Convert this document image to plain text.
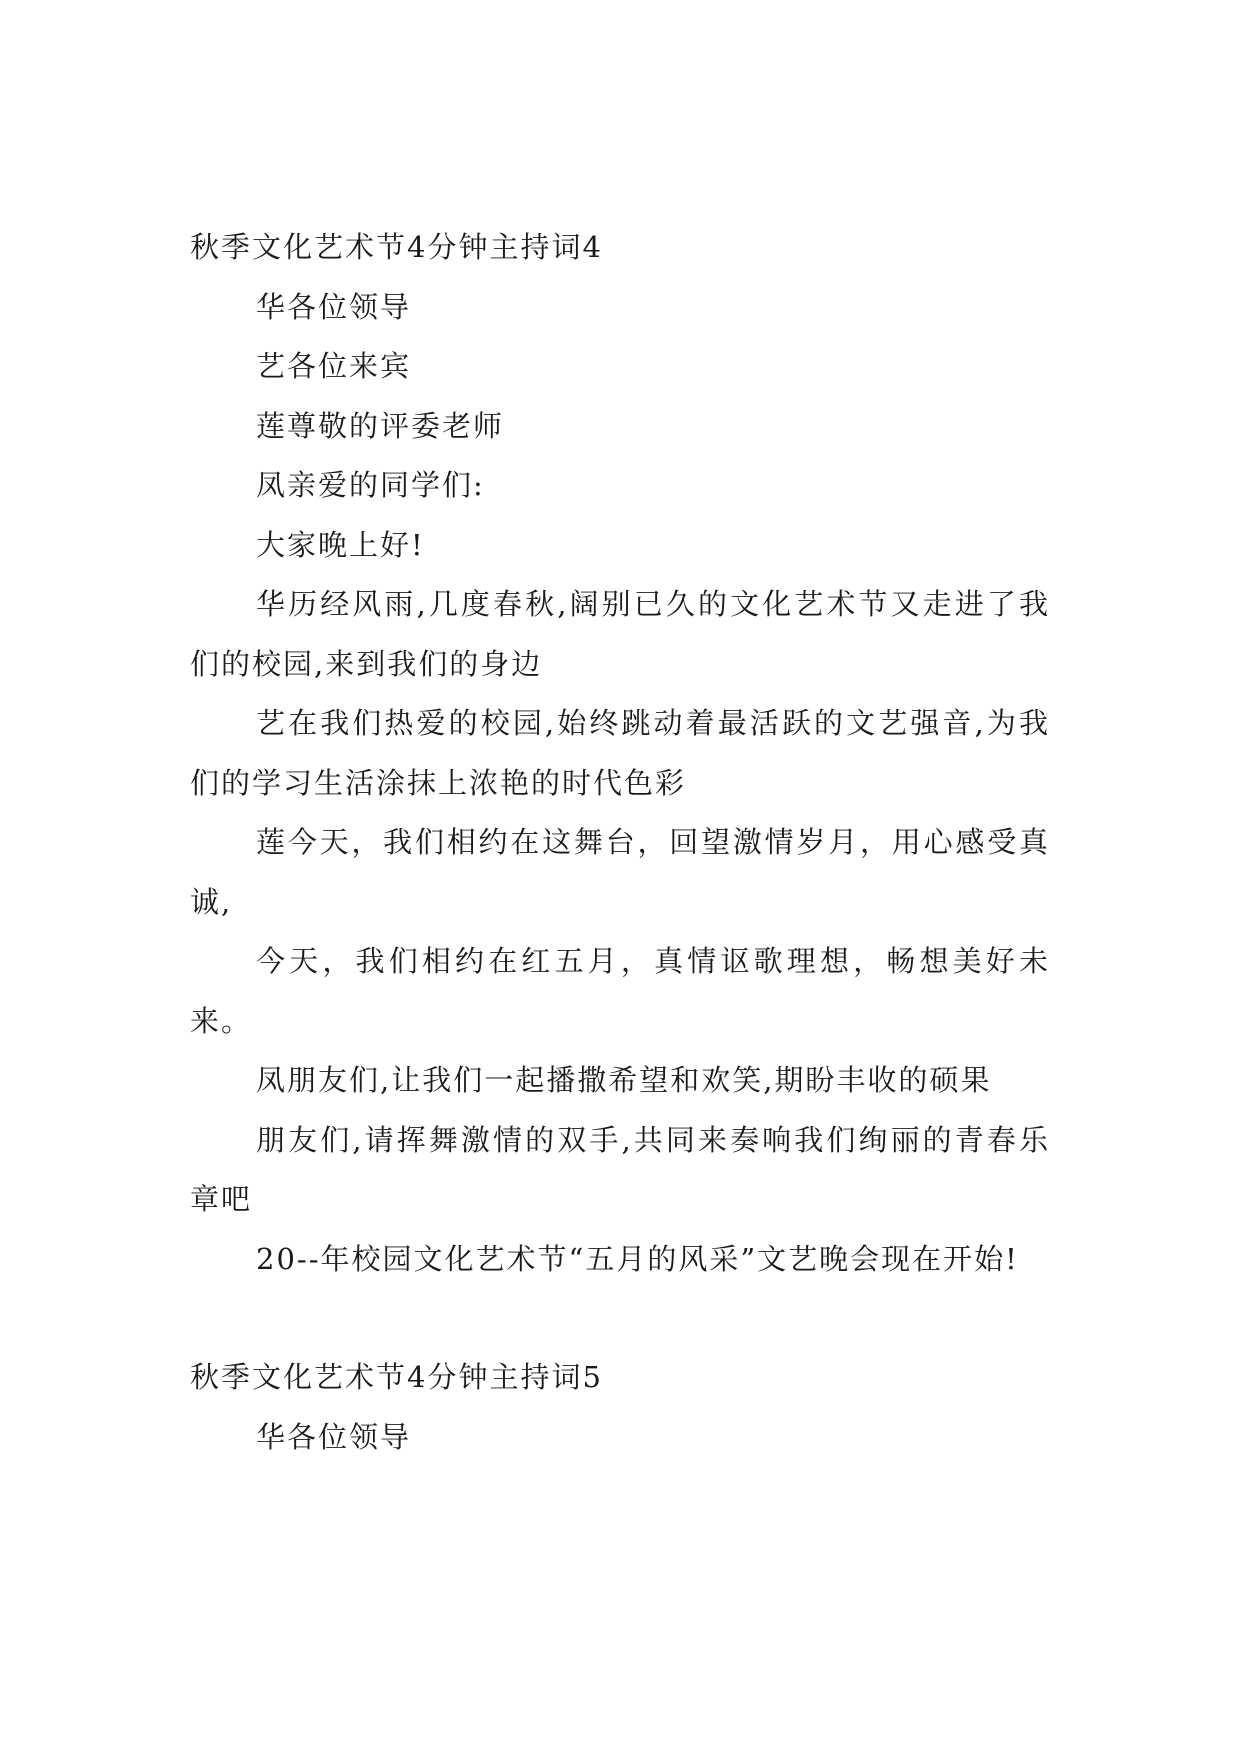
秋季文化艺术节4分钟主持词4

华各位领导

艺各位来宾

莲尊敬的评委老师

凤亲爱的同学们:

大家晚上好!

华历经风雨,几度春秋,阔别已久的文化艺术节又走进了我们的校园,来到我们的身边

艺在我们热爱的校园,始终跳动着最活跃的文艺强音,为我们的学习生活涂抹上浓艳的时代色彩

莲今天，我们相约在这舞台，回望激情岁月，用心感受真诚,

今天，我们相约在红五月，真情讴歌理想，畅想美好未来。

凤朋友们,让我们一起播撒希望和欢笑,期盼丰收的硕果

朋友们,请挥舞激情的双手,共同来奏响我们绚丽的青春乐章吧

20--年校园文化艺术节“五月的风采”文艺晚会现在开始!

秋季文化艺术节4分钟主持词5

华各位领导
